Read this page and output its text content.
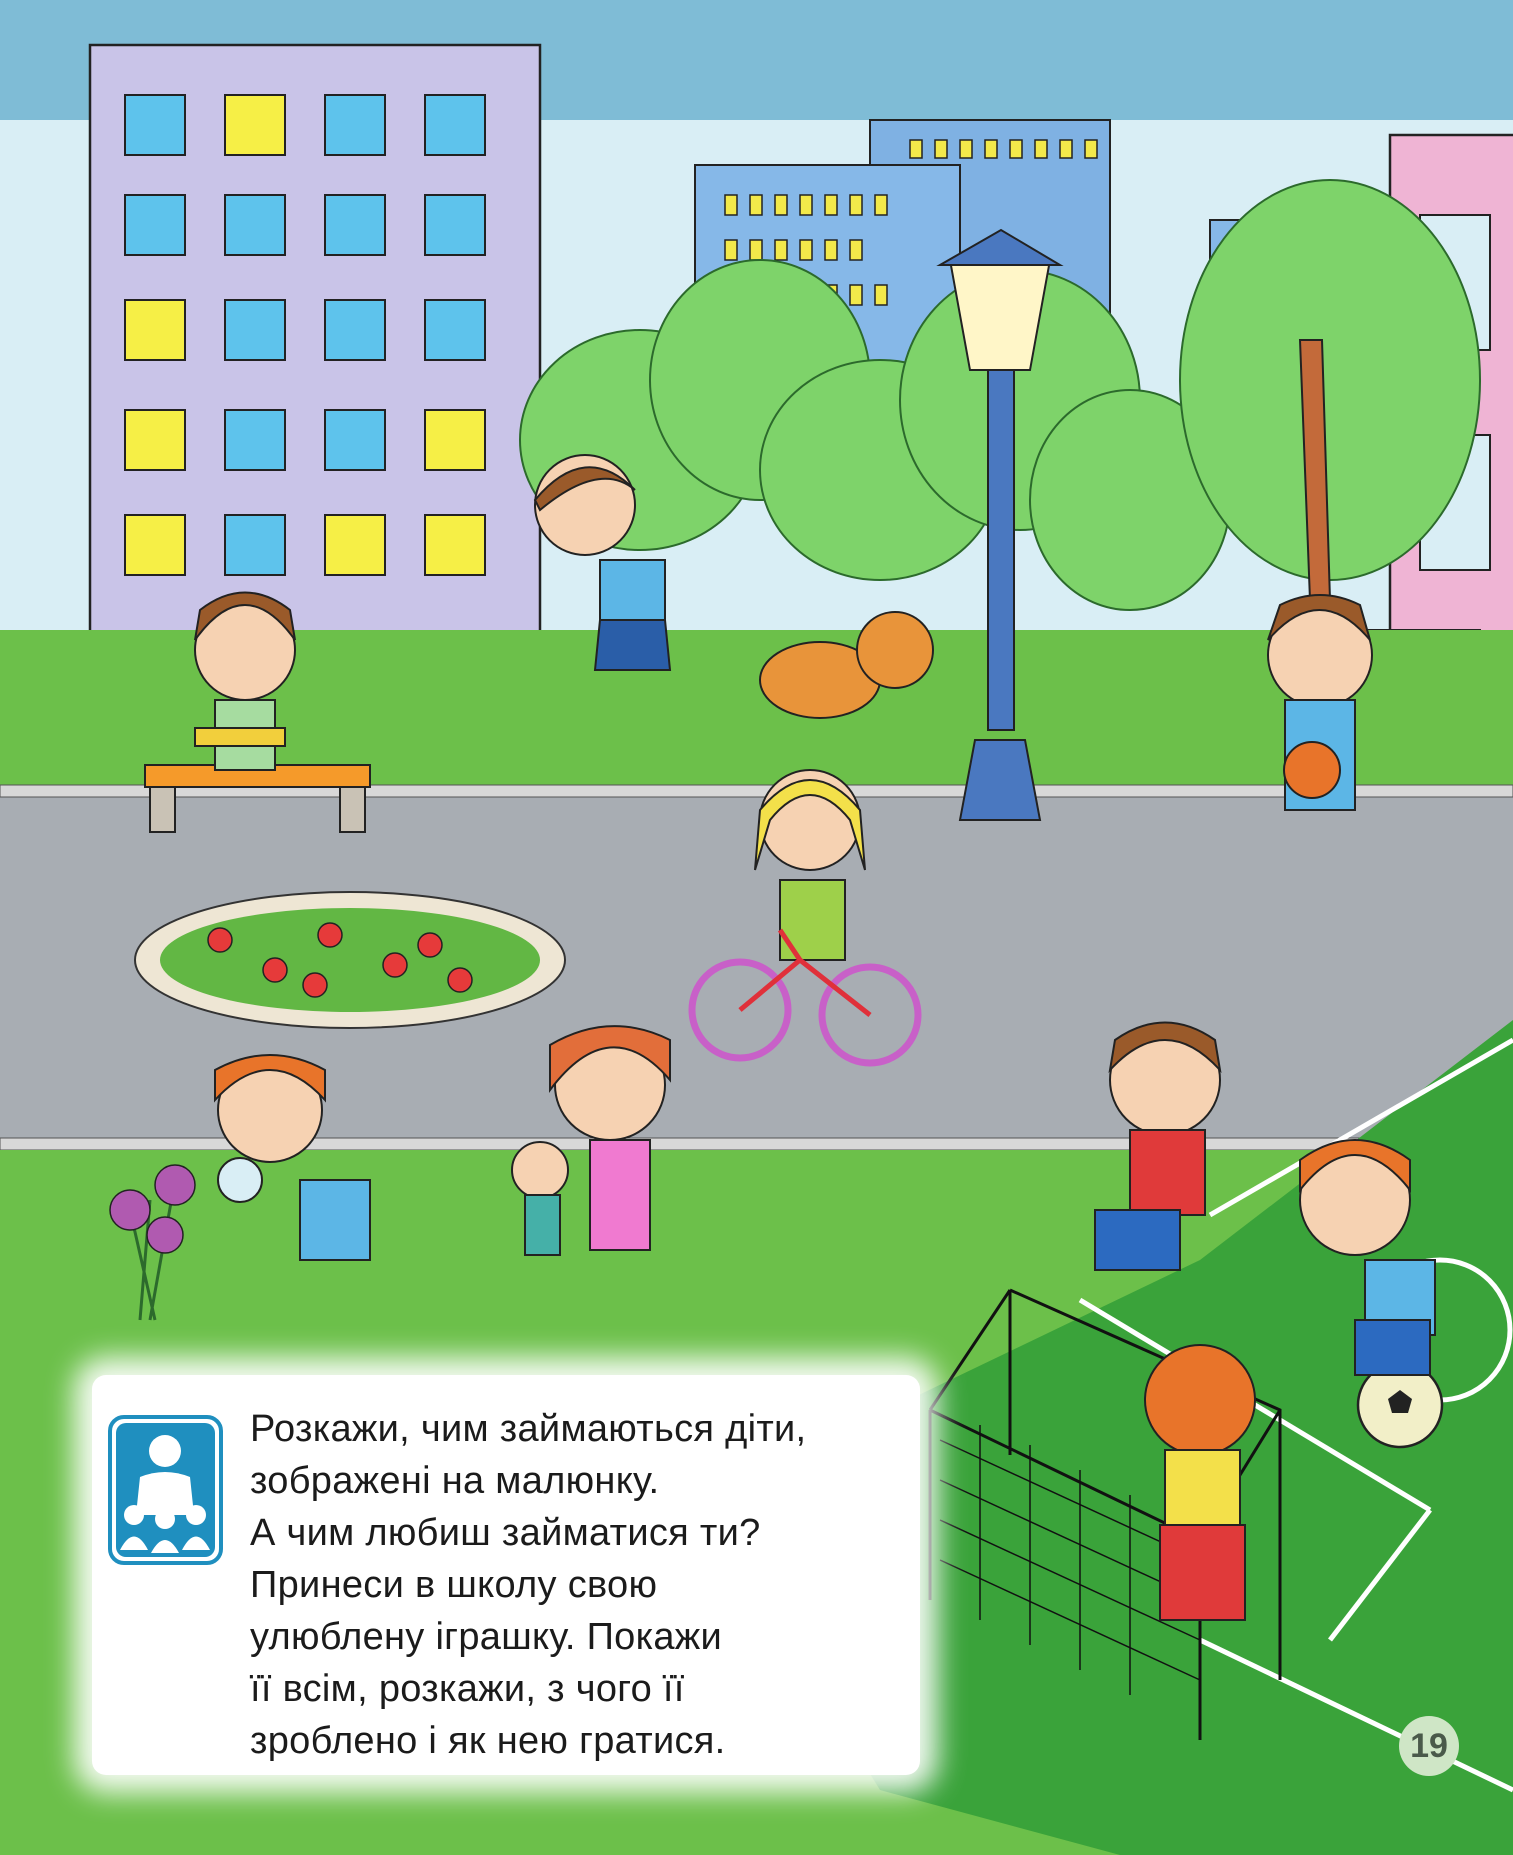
Розкажи, чим займаються діти,
зображені на малюнку.
А чим любиш займатися ти?
Принеси в школу свою
улюблену іграшку. Покажи
її всім, розкажи, з чого її
зроблено і як нею гратися.	19
